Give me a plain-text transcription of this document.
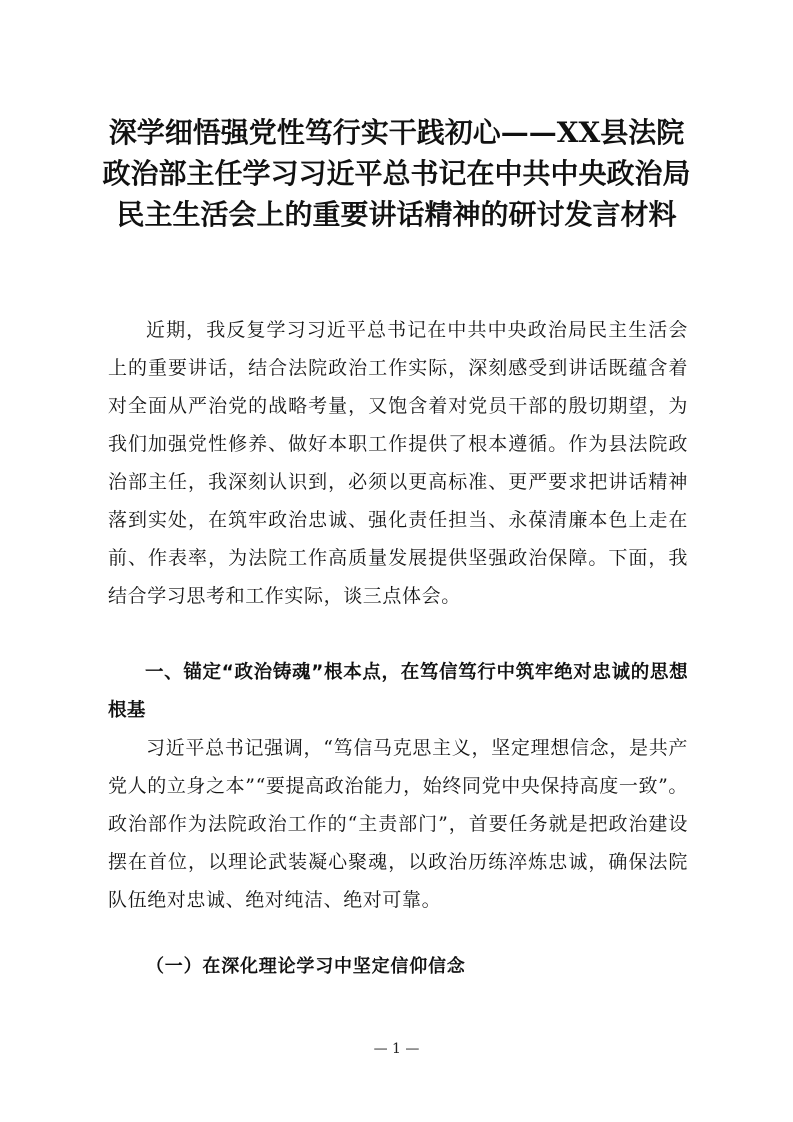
深学细悟强党性笃行实干践初心——XX县法院政治部主任学习习近平总书记在中共中央政治局民主生活会上的重要讲话精神的研讨发言材料

近期，我反复学习习近平总书记在中共中央政治局民主生活会上的重要讲话，结合法院政治工作实际，深刻感受到讲话既蕴含着对全面从严治党的战略考量，又饱含着对党员干部的殷切期望，为我们加强党性修养、做好本职工作提供了根本遵循。作为县法院政治部主任，我深刻认识到，必须以更高标准、更严要求把讲话精神落到实处，在筑牢政治忠诚、强化责任担当、永葆清廉本色上走在前、作表率，为法院工作高质量发展提供坚强政治保障。下面，我结合学习思考和工作实际，谈三点体会。

一、锚定“政治铸魂”根本点，在笃信笃行中筑牢绝对忠诚的思想根基

习近平总书记强调，“笃信马克思主义，坚定理想信念，是共产党人的立身之本”“要提高政治能力，始终同党中央保持高度一致”。政治部作为法院政治工作的“主责部门”，首要任务就是把政治建设摆在首位，以理论武装凝心聚魂，以政治历练淬炼忠诚，确保法院队伍绝对忠诚、绝对纯洁、绝对可靠。

（一）在深化理论学习中坚定信仰信念

— 1 —
